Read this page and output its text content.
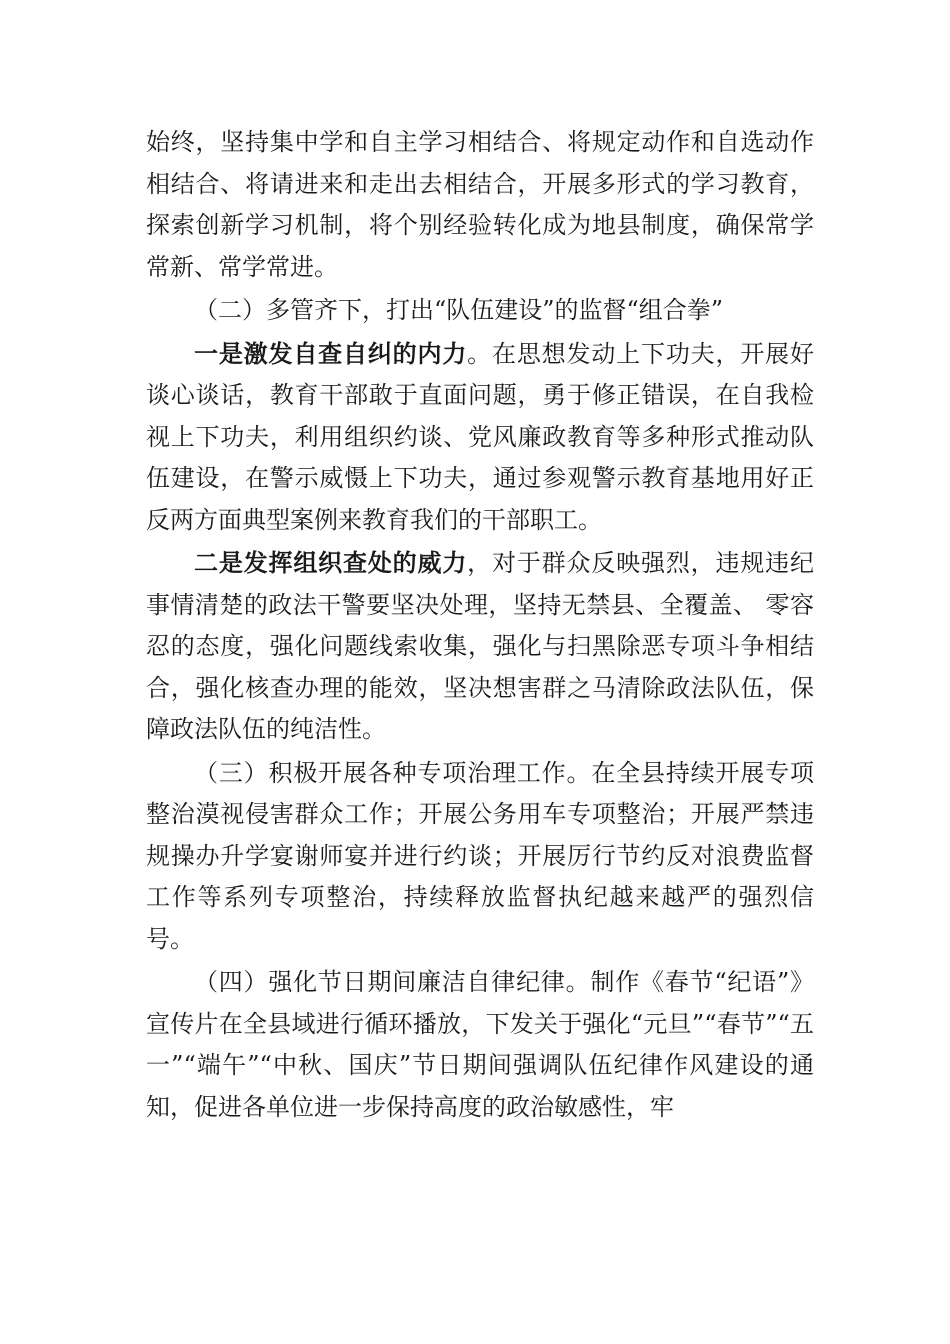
始终，坚持集中学和自主学习相结合、将规定动作和自选动作相结合、将请进来和走出去相结合，开展多形式的学习教育，探索创新学习机制，将个别经验转化成为地县制度，确保常学常新、常学常进。

（二）多管齐下，打出“队伍建设”的监督“组合拳”

一是激发自查自纠的内力。在思想发动上下功夫，开展好谈心谈话，教育干部敢于直面问题，勇于修正错误，在自我检视上下功夫，利用组织约谈、党风廉政教育等多种形式推动队伍建设，在警示威慑上下功夫，通过参观警示教育基地用好正反两方面典型案例来教育我们的干部职工。

二是发挥组织查处的威力，对于群众反映强烈，违规违纪事情清楚的政法干警要坚决处理，坚持无禁县、全覆盖、 零容忍的态度，强化问题线索收集，强化与扫黑除恶专项斗争相结合，强化核查办理的能效，坚决想害群之马清除政法队伍，保障政法队伍的纯洁性。

（三）积极开展各种专项治理工作。在全县持续开展专项整治漠视侵害群众工作；开展公务用车专项整治；开展严禁违规操办升学宴谢师宴并进行约谈；开展厉行节约反对浪费监督工作等系列专项整治，持续释放监督执纪越来越严的强烈信号。

（四）强化节日期间廉洁自律纪律。制作《春节“纪语”》宣传片在全县域进行循环播放，下发关于强化“元旦”“春节”“五一”“端午”“中秋、国庆”节日期间强调队伍纪律作风建设的通知，促进各单位进一步保持高度的政治敏感性，牢
